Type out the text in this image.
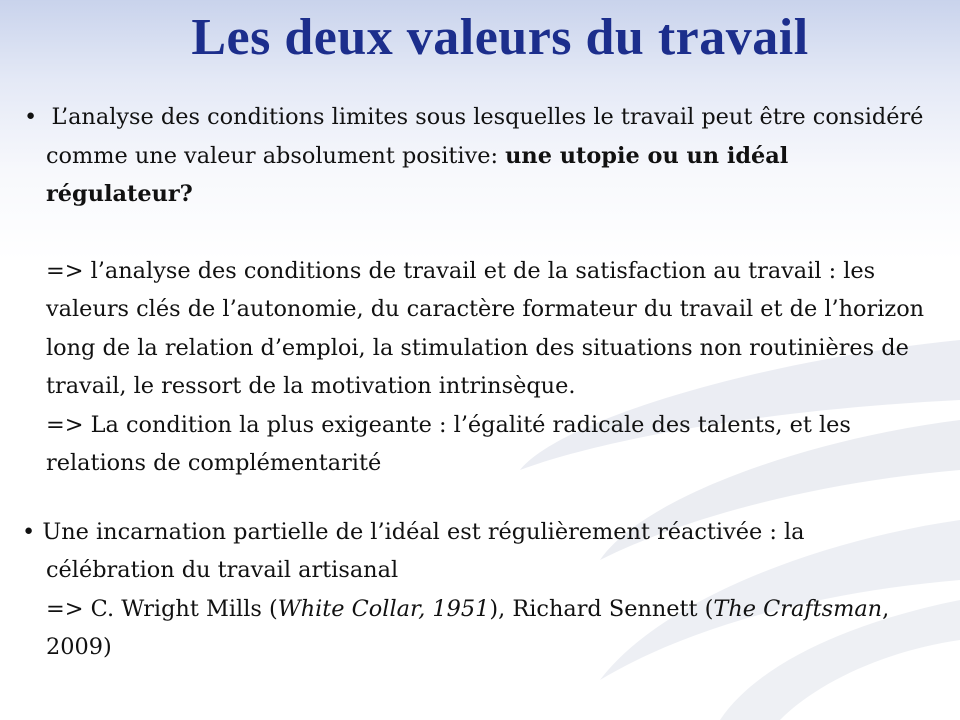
Les deux valeurs du travail
• L’analyse des conditions limites sous lesquelles le travail peut être considéré comme une valeur absolument positive: une utopie ou un idéal régulateur?
=> l’analyse des conditions de travail et de la satisfaction au travail : les valeurs clés de l’autonomie, du caractère formateur du travail et de l’horizon long de la relation d’emploi, la stimulation des situations non routinières de travail, le ressort de la motivation intrinsèque.
=> La condition la plus exigeante : l’égalité radicale des talents, et les relations de complémentarité
• Une incarnation partielle de l’idéal est régulièrement réactivée : la célébration du travail artisanal
=> C. Wright Mills (White Collar, 1951), Richard Sennett (The Craftsman, 2009)
